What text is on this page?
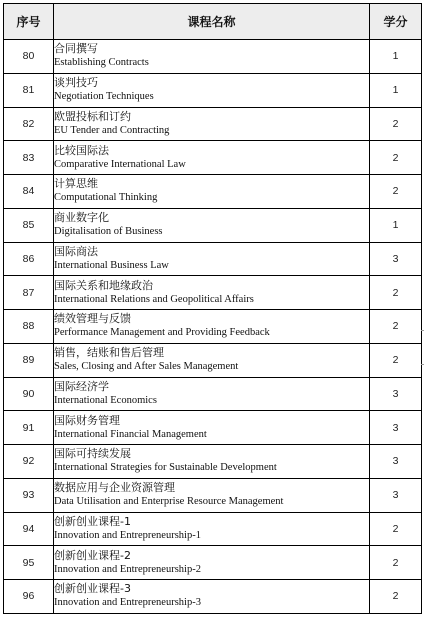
序号	课程名称	学分
80	合同撰写
Establishing Contracts	1
81	谈判技巧
Negotiation Techniques	1
82	欧盟投标和订约
EU Tender and Contracting	2
83	比较国际法
Comparative International Law	2
84	计算思维
Computational Thinking	2
85	商业数字化
Digitalisation of Business	1
86	国际商法
International Business Law	3
87	国际关系和地缘政治
International Relations and Geopolitical Affairs	2
88	绩效管理与反馈
Performance Management and Providing Feedback	2
89	销售，结账和售后管理
Sales, Closing and After Sales Management	2
90	国际经济学
International Economics	3
91	国际财务管理
International Financial Management	3
92	国际可持续发展
International Strategies for Sustainable Development	3
93	数据应用与企业资源管理
Data Utilisation and Enterprise Resource Management	3
94	创新创业课程-1
Innovation and Entrepreneurship-1	2
95	创新创业课程-2
Innovation and Entrepreneurship-2	2
96	创新创业课程-3
Innovation and Entrepreneurship-3	2
